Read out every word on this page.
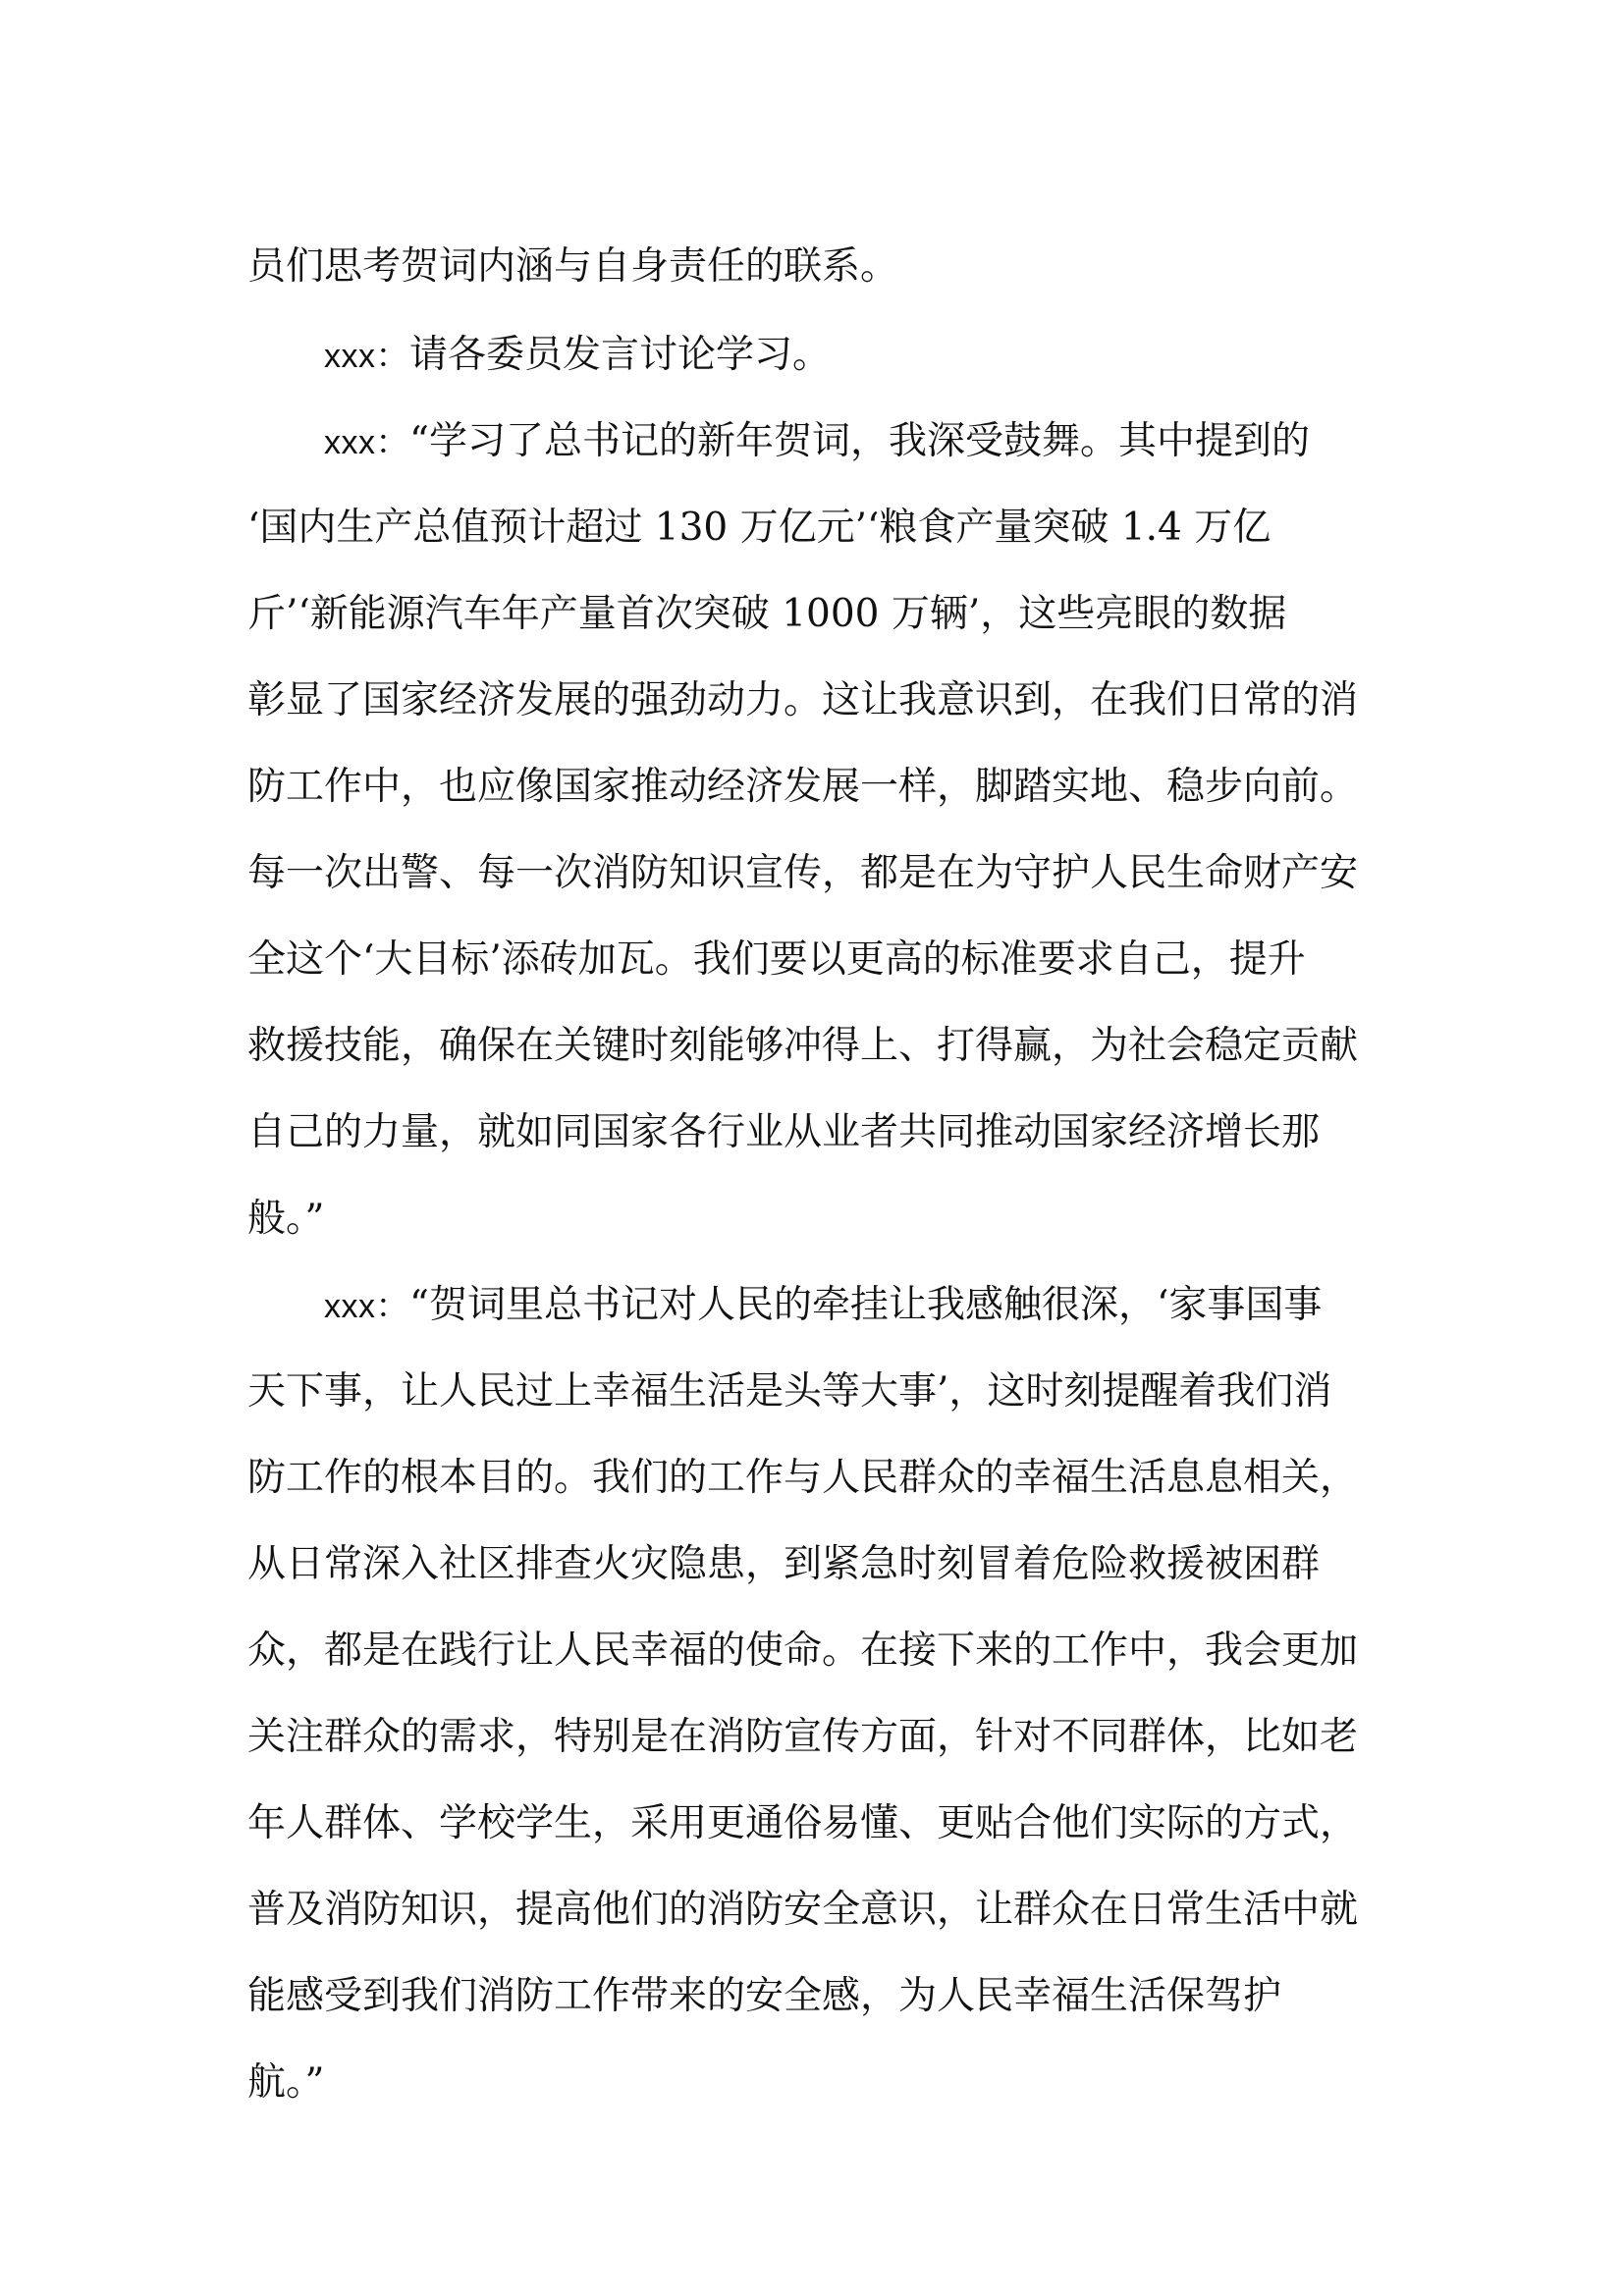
员们思考贺词内涵与自身责任的联系。

xxx：请各委员发言讨论学习。

xxx：“学习了总书记的新年贺词，我深受鼓舞。其中提到的

‘国内生产总值预计超过 130 万亿元’‘粮食产量突破 1.4 万亿

斤’‘新能源汽车年产量首次突破 1000 万辆’，这些亮眼的数据

彰显了国家经济发展的强劲动力。这让我意识到，在我们日常的消

防工作中，也应像国家推动经济发展一样，脚踏实地、稳步向前。

每一次出警、每一次消防知识宣传，都是在为守护人民生命财产安

全这个‘大目标’添砖加瓦。我们要以更高的标准要求自己，提升

救援技能，确保在关键时刻能够冲得上、打得赢，为社会稳定贡献

自己的力量，就如同国家各行业从业者共同推动国家经济增长那

般。”

xxx：“贺词里总书记对人民的牵挂让我感触很深，‘家事国事

天下事，让人民过上幸福生活是头等大事’，这时刻提醒着我们消

防工作的根本目的。我们的工作与人民群众的幸福生活息息相关，

从日常深入社区排查火灾隐患，到紧急时刻冒着危险救援被困群

众，都是在践行让人民幸福的使命。在接下来的工作中，我会更加

关注群众的需求，特别是在消防宣传方面，针对不同群体，比如老

年人群体、学校学生，采用更通俗易懂、更贴合他们实际的方式，

普及消防知识，提高他们的消防安全意识，让群众在日常生活中就

能感受到我们消防工作带来的安全感，为人民幸福生活保驾护

航。”
